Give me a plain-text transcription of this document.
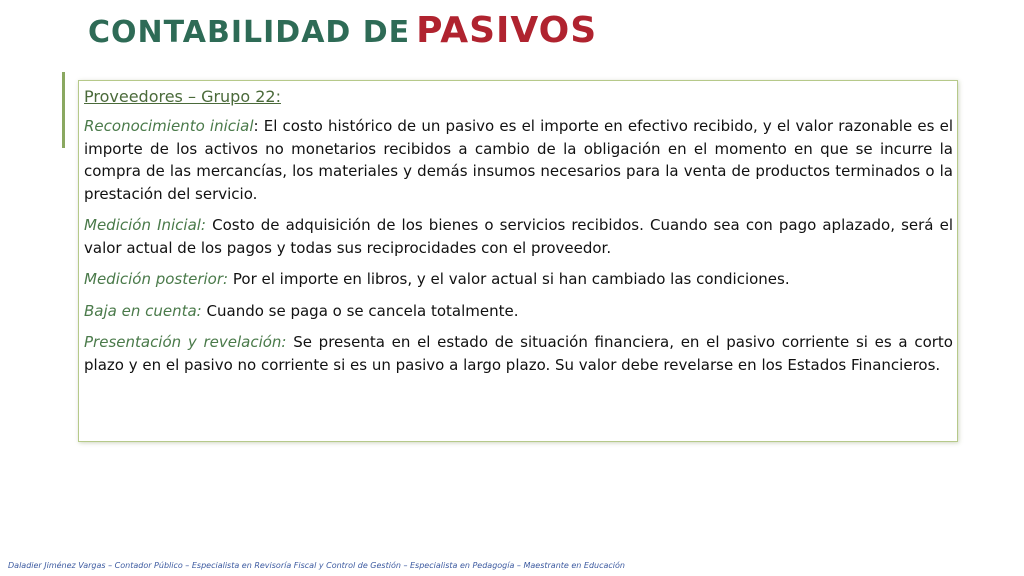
CONTABILIDAD DE PASIVOS
Proveedores – Grupo 22:

Reconocimiento inicial: El costo histórico de un pasivo es el importe en efectivo recibido, y el valor razonable es el importe de los activos no monetarios recibidos a cambio de la obligación en el momento en que se incurre la compra de las mercancías, los materiales y demás insumos necesarios para la venta de productos terminados o la prestación del servicio.

Medición Inicial: Costo de adquisición de los bienes o servicios recibidos. Cuando sea con pago aplazado, será el valor actual de los pagos y todas sus reciprocidades con el proveedor.

Medición posterior: Por el importe en libros, y el valor actual si han cambiado las condiciones.

Baja en cuenta: Cuando se paga o se cancela totalmente.

Presentación y revelación: Se presenta en el estado de situación financiera, en el pasivo corriente si es a corto plazo y en el pasivo no corriente si es un pasivo a largo plazo. Su valor debe revelarse en los Estados Financieros.

Daladier Jiménez Vargas – Contador Público – Especialista en Revisoría Fiscal y Control de Gestión – Especialista en Pedagogía – Maestrante en Educación
